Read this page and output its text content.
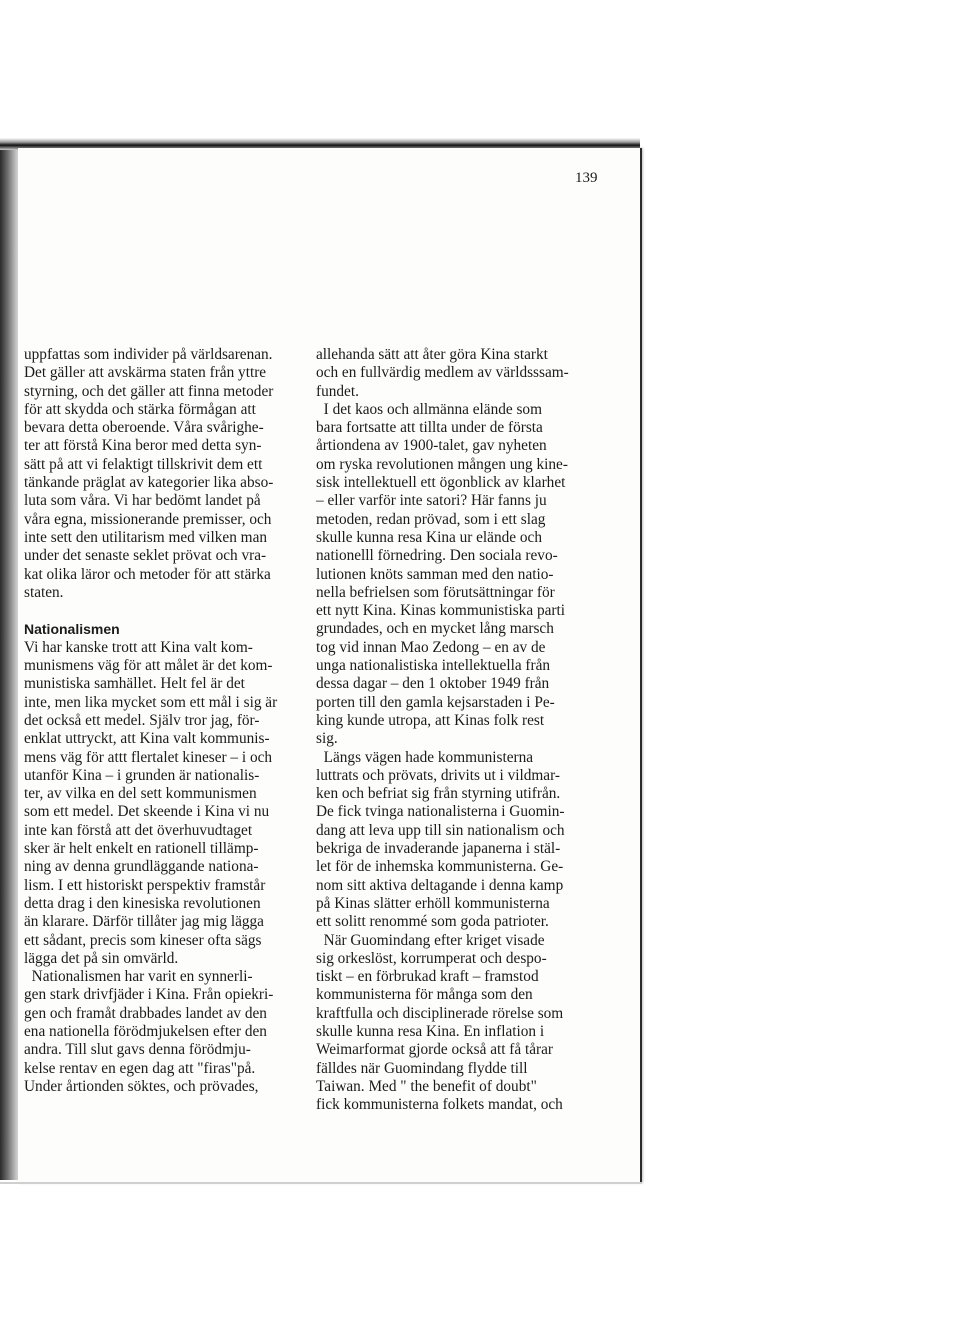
139
uppfattas som individer på världsarenan.
Det gäller att avskärma staten från yttre
styrning, och det gäller att finna metoder
för att skydda och stärka förmågan att
bevara detta oberoende. Våra svårighe-
ter att förstå Kina beror med detta syn-
sätt på att vi felaktigt tillskrivit dem ett
tänkande präglat av kategorier lika abso-
luta som våra. Vi har bedömt landet på
våra egna, missionerande premisser, och
inte sett den utilitarism med vilken man
under det senaste seklet prövat och vra-
kat olika läror och metoder för att stärka
staten.
Nationalismen
Vi har kanske trott att Kina valt kom-
munismens väg för att målet är det kom-
munistiska samhället. Helt fel är det
inte, men lika mycket som ett mål i sig är
det också ett medel. Själv tror jag, för-
enklat uttryckt, att Kina valt kommunis-
mens väg för attt flertalet kineser – i och
utanför Kina – i grunden är nationalis-
ter, av vilka en del sett kommunismen
som ett medel. Det skeende i Kina vi nu
inte kan förstå att det överhuvudtaget
sker är helt enkelt en rationell tillämp-
ning av denna grundläggande nationa-
lism. I ett historiskt perspektiv framstår
detta drag i den kinesiska revolutionen
än klarare. Därför tillåter jag mig lägga
ett sådant, precis som kineser ofta sägs
lägga det på sin omvärld.
Nationalismen har varit en synnerli-
gen stark drivfjäder i Kina. Från opiekri-
gen och framåt drabbades landet av den
ena nationella förödmjukelsen efter den
andra. Till slut gavs denna förödmju-
kelse rentav en egen dag att "firas"på.
Under årtionden söktes, och prövades,
allehanda sätt att åter göra Kina starkt
och en fullvärdig medlem av världsssam-
fundet.
I det kaos och allmänna elände som
bara fortsatte att tillta under de första
årtiondena av 1900-talet, gav nyheten
om ryska revolutionen mången ung kine-
sisk intellektuell ett ögonblick av klarhet
– eller varför inte satori? Här fanns ju
metoden, redan prövad, som i ett slag
skulle kunna resa Kina ur elände och
nationelll förnedring. Den sociala revo-
lutionen knöts samman med den natio-
nella befrielsen som förutsättningar för
ett nytt Kina. Kinas kommunistiska parti
grundades, och en mycket lång marsch
tog vid innan Mao Zedong – en av de
unga nationalistiska intellektuella från
dessa dagar – den 1 oktober 1949 från
porten till den gamla kejsarstaden i Pe-
king kunde utropa, att Kinas folk rest
sig.
Längs vägen hade kommunisterna
luttrats och prövats, drivits ut i vildmar-
ken och befriat sig från styrning utifrån.
De fick tvinga nationalisterna i Guomin-
dang att leva upp till sin nationalism och
bekriga de invaderande japanerna i stäl-
let för de inhemska kommunisterna. Ge-
nom sitt aktiva deltagande i denna kamp
på Kinas slätter erhöll kommunisterna
ett solitt renommé som goda patrioter.
När Guomindang efter kriget visade
sig orkeslöst, korrumperat och despo-
tiskt – en förbrukad kraft – framstod
kommunisterna för många som den
kraftfulla och disciplinerade rörelse som
skulle kunna resa Kina. En inflation i
Weimarformat gjorde också att få tårar
fälldes när Guomindang flydde till
Taiwan. Med " the benefit of doubt"
fick kommunisterna folkets mandat, och
